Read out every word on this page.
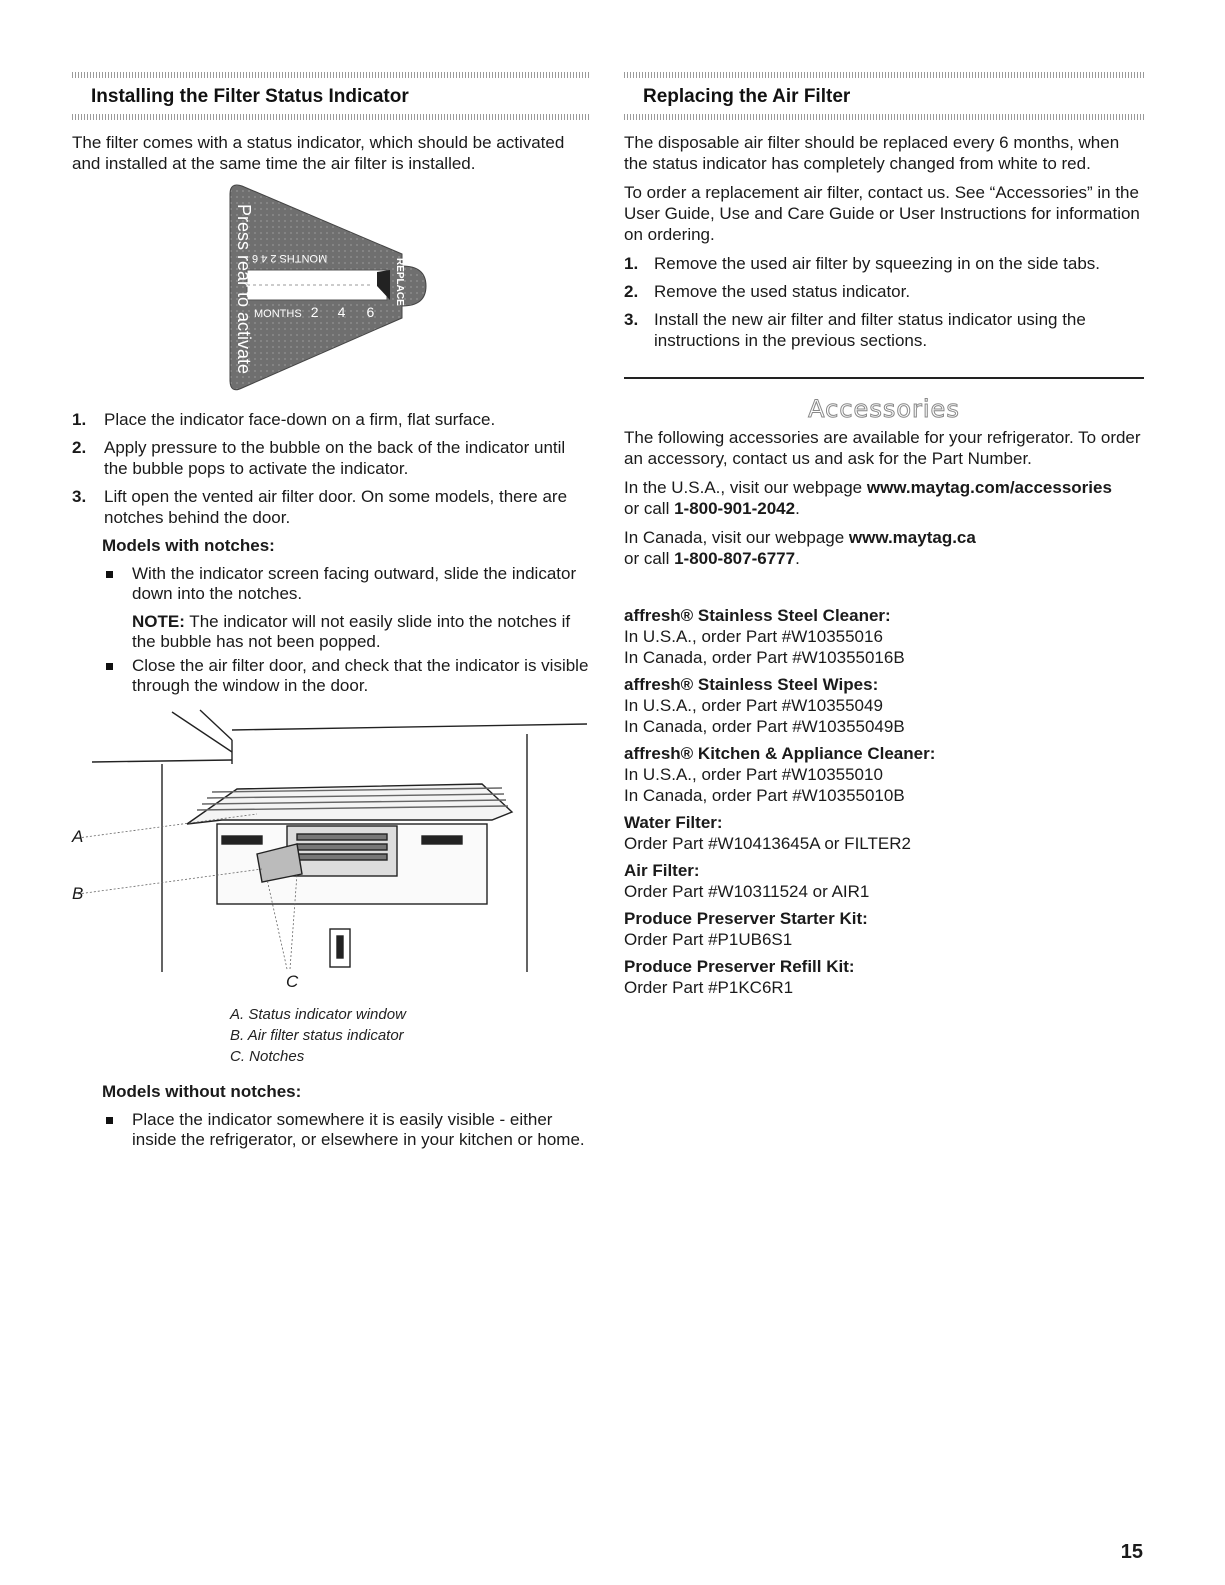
Installing the Filter Status Indicator

The filter comes with a status indicator, which should be activated and installed at the same time the air filter is installed.

Press rear to activate	REPLACE
MONTHS 2 4 6
MONTHS 2 4 6
1. Place the indicator face-down on a firm, flat surface.
2. Apply pressure to the bubble on the back of the indicator until the bubble pops to activate the indicator.
3. Lift open the vented air filter door. On some models, there are notches behind the door.
Models with notches:
With the indicator screen facing outward, slide the indicator down into the notches.
NOTE: The indicator will not easily slide into the notches if the bubble has not been popped.
Close the air filter door, and check that the indicator is visible through the window in the door.
A
B
C
A. Status indicator window
B. Air filter status indicator
C. Notches
Models without notches:
Place the indicator somewhere it is easily visible - either inside the refrigerator, or elsewhere in your kitchen or home.
Replacing the Air Filter

The disposable air filter should be replaced every 6 months, when the status indicator has completely changed from white to red.

To order a replacement air filter, contact us. See “Accessories” in the User Guide, Use and Care Guide or User Instructions for information on ordering.

1. Remove the used air filter by squeezing in on the side tabs.
2. Remove the used status indicator.
3. Install the new air filter and filter status indicator using the instructions in the previous sections.
Accessories

The following accessories are available for your refrigerator. To order an accessory, contact us and ask for the Part Number.

In the U.S.A., visit our webpage www.maytag.com/accessories
or call 1-800-901-2042.

In Canada, visit our webpage www.maytag.ca
or call 1-800-807-6777.

affresh® Stainless Steel Cleaner:
In U.S.A., order Part #W10355016
In Canada, order Part #W10355016B
affresh® Stainless Steel Wipes:
In U.S.A., order Part #W10355049
In Canada, order Part #W10355049B
affresh® Kitchen & Appliance Cleaner:
In U.S.A., order Part #W10355010
In Canada, order Part #W10355010B
Water Filter:
Order Part #W10413645A or FILTER2
Air Filter:
Order Part #W10311524 or AIR1
Produce Preserver Starter Kit:
Order Part #P1UB6S1
Produce Preserver Refill Kit:
Order Part #P1KC6R1
15
